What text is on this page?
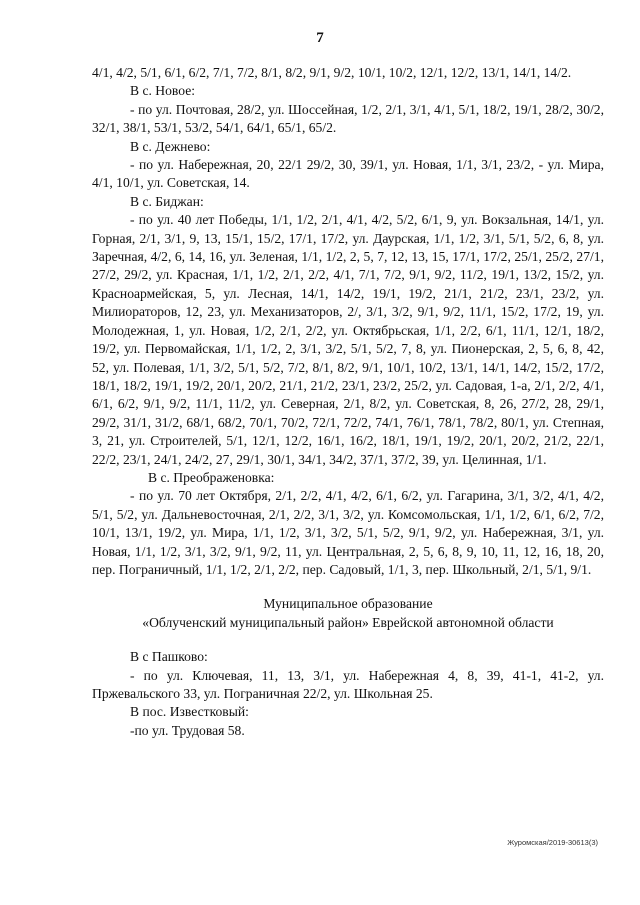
7

4/1, 4/2, 5/1, 6/1, 6/2, 7/1, 7/2, 8/1, 8/2, 9/1, 9/2, 10/1, 10/2, 12/1, 12/2, 13/1, 14/1, 14/2.

В с. Новое:

- по ул. Почтовая, 28/2, ул. Шоссейная, 1/2, 2/1, 3/1, 4/1, 5/1, 18/2, 19/1, 28/2, 30/2, 32/1, 38/1, 53/1, 53/2, 54/1, 64/1, 65/1, 65/2.

В с. Дежнево:

- по ул. Набережная, 20, 22/1 29/2, 30, 39/1, ул. Новая, 1/1, 3/1, 23/2, - ул. Мира, 4/1, 10/1, ул. Советская, 14.

В с. Биджан:

- по ул. 40 лет Победы, 1/1, 1/2, 2/1, 4/1, 4/2, 5/2, 6/1, 9, ул. Вокзальная, 14/1, ул. Горная, 2/1, 3/1, 9, 13, 15/1, 15/2, 17/1, 17/2, ул. Даурская, 1/1, 1/2, 3/1, 5/1, 5/2, 6, 8, ул. Заречная, 4/2, 6, 14, 16, ул. Зеленая, 1/1, 1/2, 2, 5, 7, 12, 13, 15, 17/1, 17/2, 25/1, 25/2, 27/1, 27/2, 29/2, ул. Красная, 1/1, 1/2, 2/1, 2/2, 4/1, 7/1, 7/2, 9/1, 9/2, 11/2, 19/1, 13/2, 15/2, ул. Красноармейская, 5, ул. Лесная, 14/1, 14/2, 19/1, 19/2, 21/1, 21/2, 23/1, 23/2, ул. Милиораторов, 12, 23, ул. Механизаторов, 2/, 3/1, 3/2, 9/1, 9/2, 11/1, 15/2, 17/2, 19, ул. Молодежная, 1, ул. Новая, 1/2, 2/1, 2/2, ул. Октябрьская, 1/1, 2/2, 6/1, 11/1, 12/1, 18/2, 19/2, ул. Первомайская, 1/1, 1/2, 2, 3/1, 3/2, 5/1, 5/2, 7, 8, ул. Пионерская, 2, 5, 6, 8, 42, 52, ул. Полевая, 1/1, 3/2, 5/1, 5/2, 7/2, 8/1, 8/2, 9/1, 10/1, 10/2, 13/1, 14/1, 14/2, 15/2, 17/2, 18/1, 18/2, 19/1, 19/2, 20/1, 20/2, 21/1, 21/2, 23/1, 23/2, 25/2, ул. Садовая, 1-а, 2/1, 2/2, 4/1, 6/1, 6/2, 9/1, 9/2, 11/1, 11/2, ул. Северная, 2/1, 8/2, ул. Советская, 8, 26, 27/2, 28, 29/1, 29/2, 31/1, 31/2, 68/1, 68/2, 70/1, 70/2, 72/1, 72/2, 74/1, 76/1, 78/1, 78/2, 80/1, ул. Степная, 3, 21, ул. Строителей, 5/1, 12/1, 12/2, 16/1, 16/2, 18/1, 19/1, 19/2, 20/1, 20/2, 21/2, 22/1, 22/2, 23/1, 24/1, 24/2, 27, 29/1, 30/1, 34/1, 34/2, 37/1, 37/2, 39, ул. Целинная, 1/1.

В с. Преображеновка:

- по ул. 70 лет Октября, 2/1, 2/2, 4/1, 4/2, 6/1, 6/2, ул. Гагарина, 3/1, 3/2, 4/1, 4/2, 5/1, 5/2, ул. Дальневосточная, 2/1, 2/2, 3/1, 3/2, ул. Комсомольская, 1/1, 1/2, 6/1, 6/2, 7/2, 10/1, 13/1, 19/2, ул. Мира, 1/1, 1/2, 3/1, 3/2, 5/1, 5/2, 9/1, 9/2, ул. Набережная, 3/1, ул. Новая, 1/1, 1/2, 3/1, 3/2, 9/1, 9/2, 11, ул. Центральная, 2, 5, 6, 8, 9, 10, 11, 12, 16, 18, 20, пер. Пограничный, 1/1, 1/2, 2/1, 2/2, пер. Садовый, 1/1, 3, пер. Школьный, 2/1, 5/1, 9/1.

Муниципальное образование

«Облученский муниципальный район» Еврейской автономной области

В с Пашково:

- по ул. Ключевая, 11, 13, 3/1, ул. Набережная 4, 8, 39, 41-1, 41-2, ул. Пржевальского 33, ул. Пограничная 22/2, ул. Школьная 25.

В пос. Известковый:

-по ул. Трудовая 58.

Журомская/2019-30613(3)
